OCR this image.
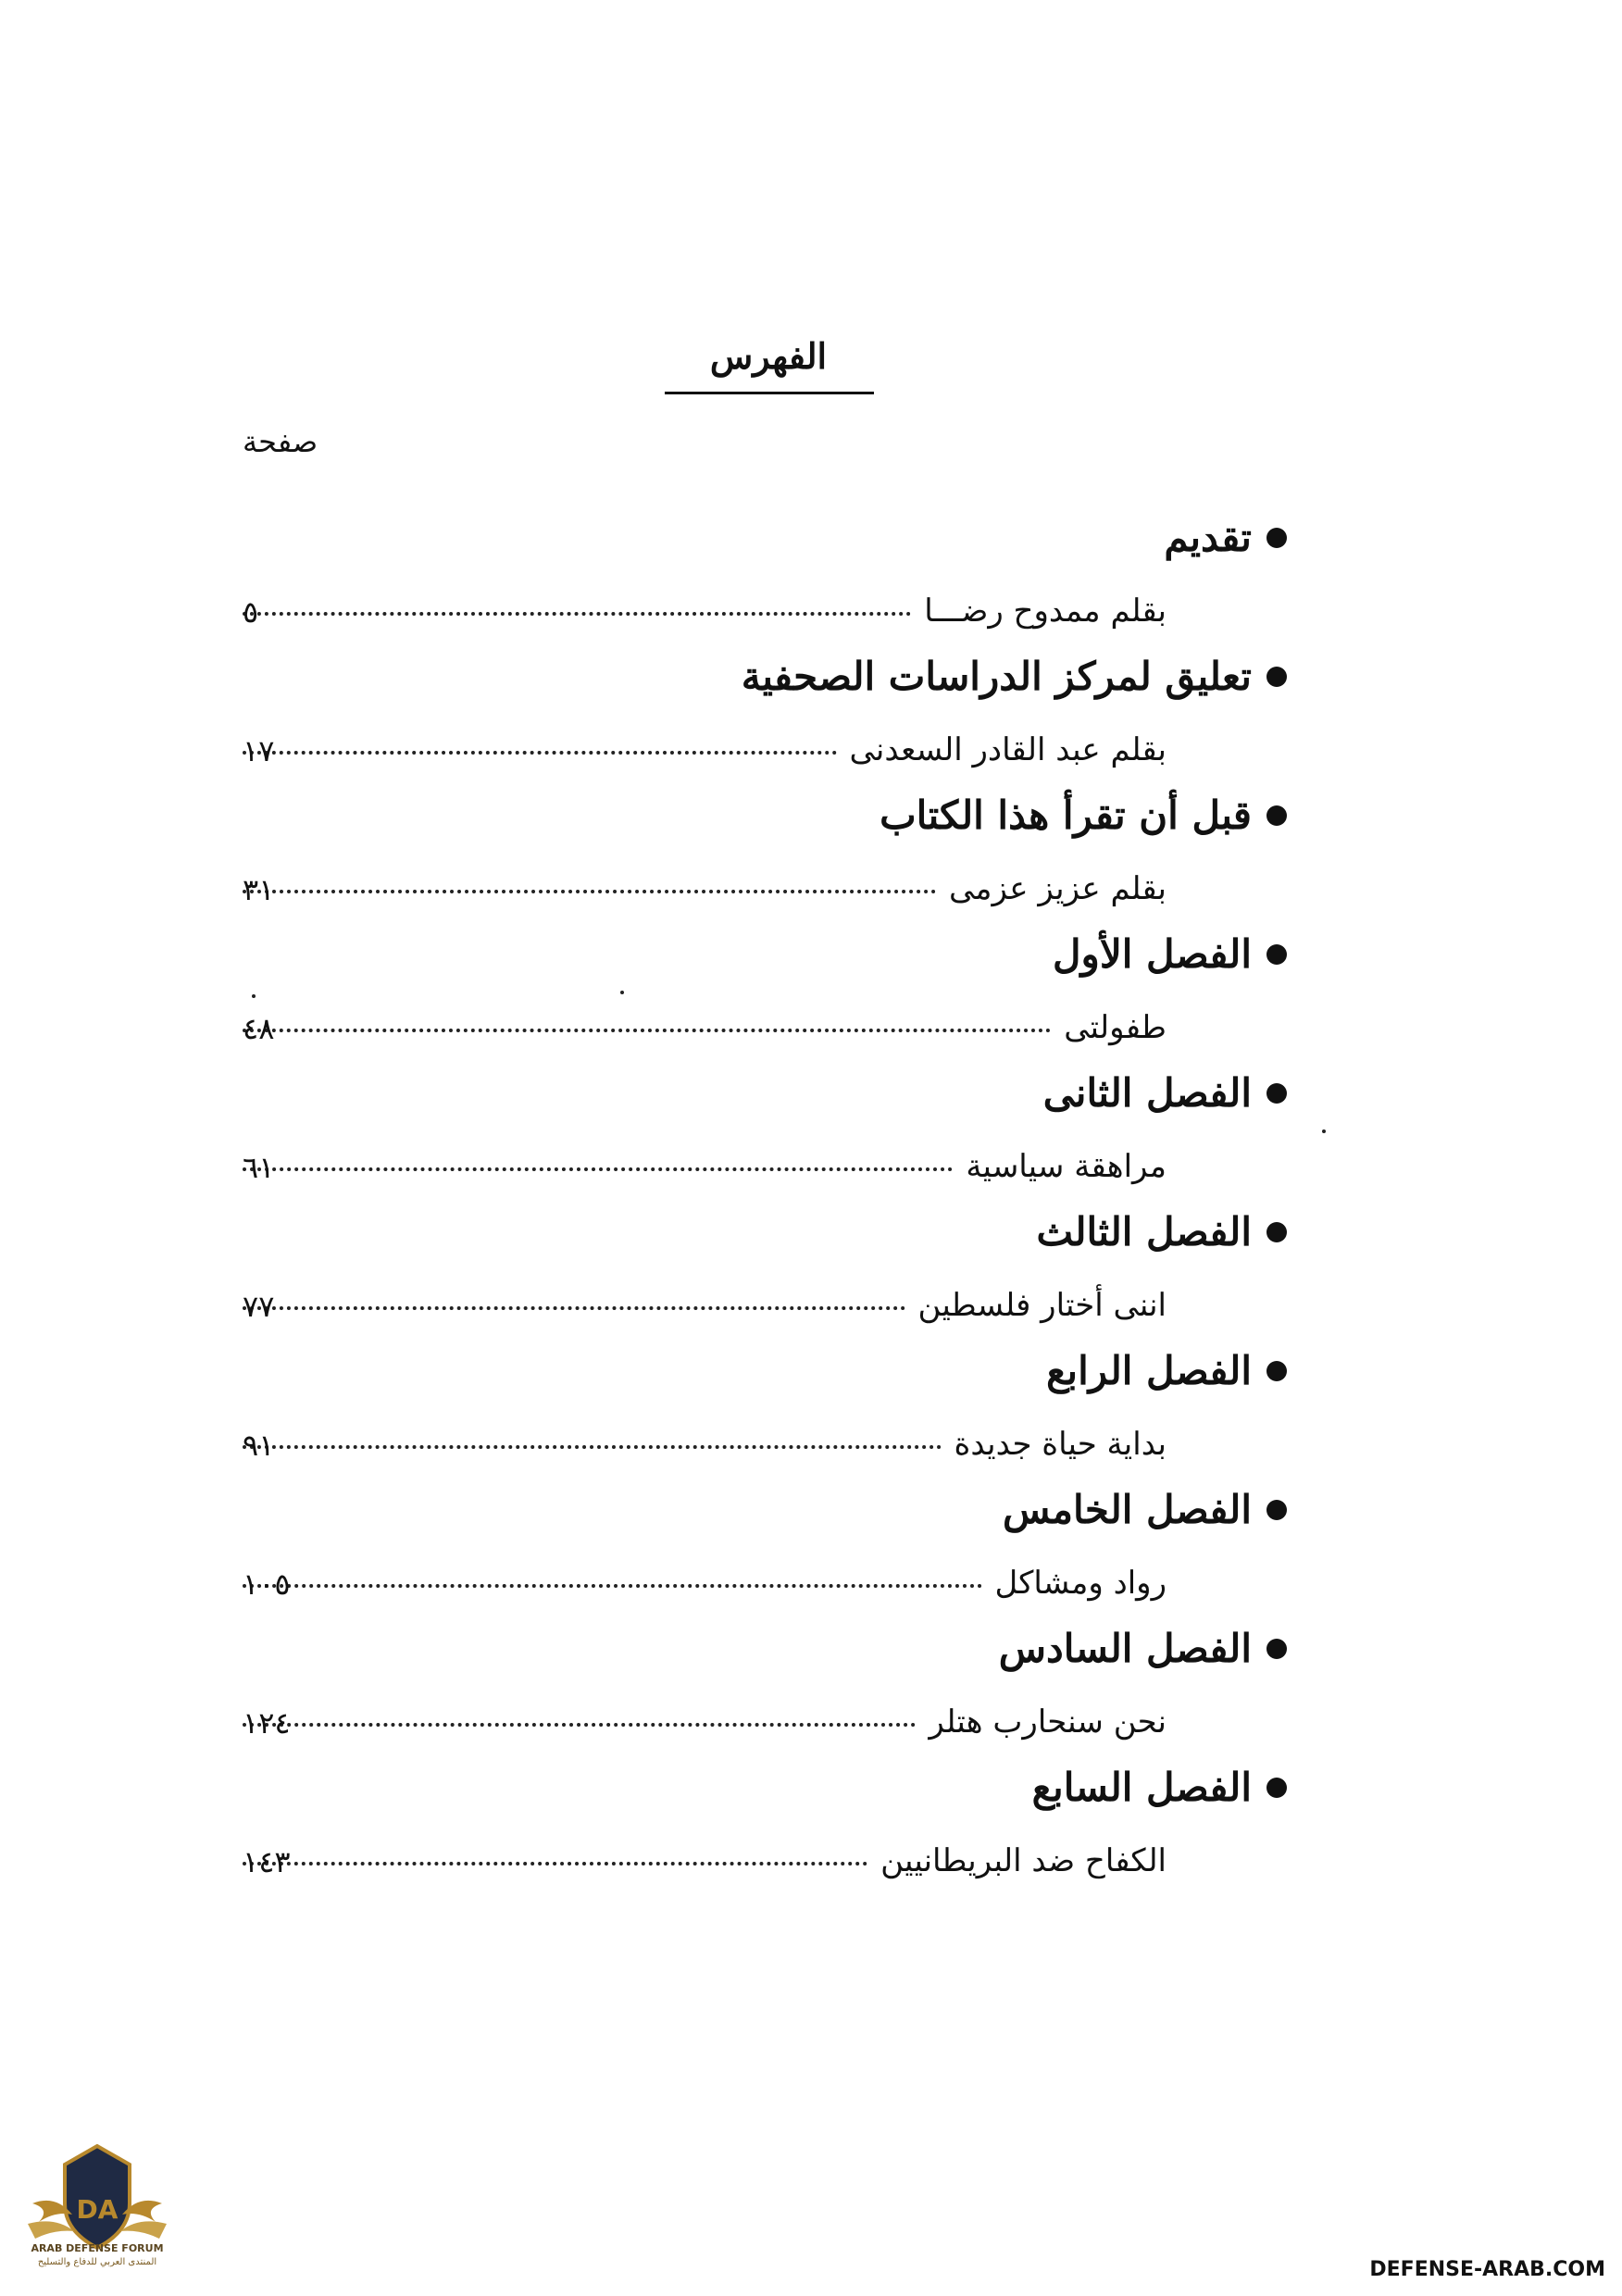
الفهرس
صفحة
تقديم
بقلم ممدوح رضـــا
٥
تعليق لمركز الدراسات الصحفية
بقلم عبد القادر السعدنى
١٧
قبل أن تقرأ هذا الكتاب
بقلم عزيز عزمى
٣١
الفصل الأول
طفولتى
٤٨
الفصل الثانى
مراهقة سياسية
٦١
الفصل الثالث
اننى أختار فلسطين
٧٧
الفصل الرابع
بداية حياة جديدة
٩١
الفصل الخامس
رواد ومشاكل
١٠٥
الفصل السادس
نحن سنحارب هتلر
١٢٤
الفصل السابع
الكفاح ضد البريطانيين
١٤٣
DA
ARAB DEFENSE FORUM
المنتدى العربي للدفاع والتسليح	DEFENSE-ARAB.COM
